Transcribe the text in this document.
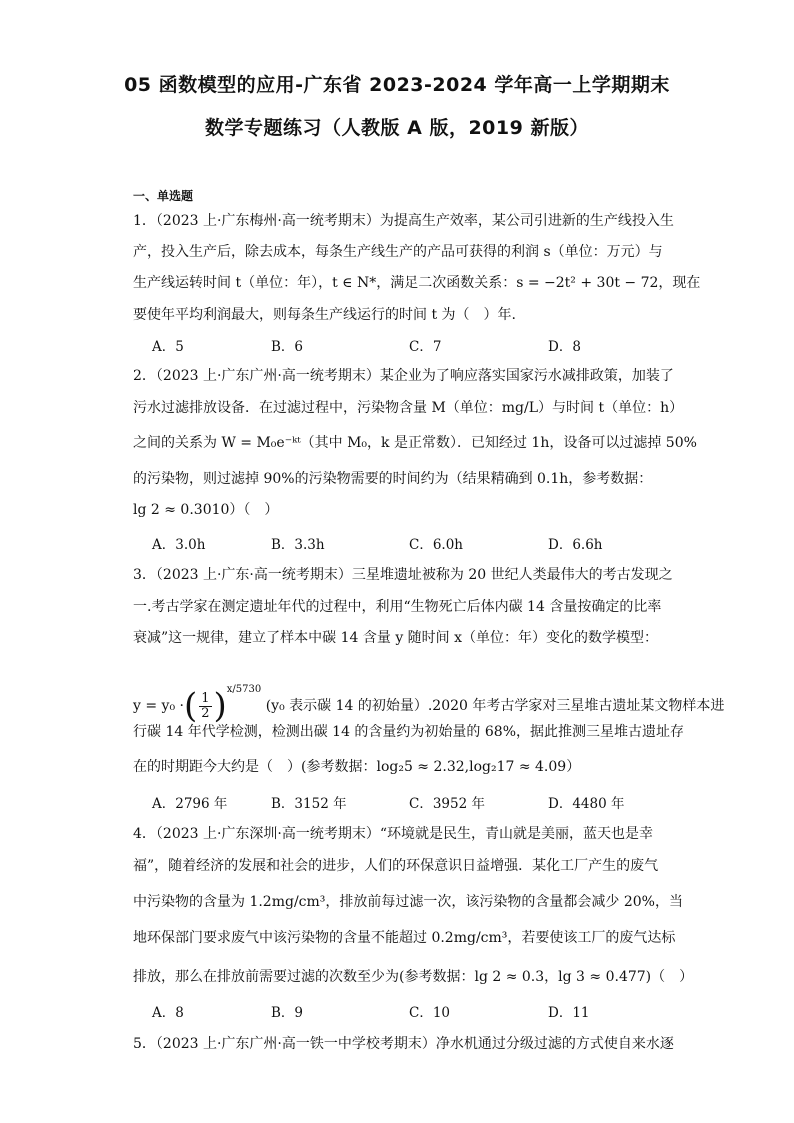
05 函数模型的应用-广东省 2023-2024 学年高一上学期期末
数学专题练习（人教版 A 版，2019 新版）
一、单选题
1．（2023 上·广东梅州·高一统考期末）为提高生产效率，某公司引进新的生产线投入生
产，投入生产后，除去成本，每条生产线生产的产品可获得的利润 s（单位：万元）与
生产线运转时间 t（单位：年），t ∈ N*，满足二次函数关系：s = −2t² + 30t − 72，现在
要使年平均利润最大，则每条生产线运行的时间 t 为（　）年.
A．5	B．6	C．7	D．8
2．（2023 上·广东广州·高一统考期末）某企业为了响应落实国家污水减排政策，加装了
污水过滤排放设备．在过滤过程中，污染物含量 M（单位：mg/L）与时间 t（单位：h）
之间的关系为 W = M₀e⁻ᵏᵗ（其中 M₀，k 是正常数）．已知经过 1h，设备可以过滤掉 50%
的污染物，则过滤掉 90%的污染物需要的时间约为（结果精确到 0.1h，参考数据：
lg 2 ≈ 0.3010）（　）
A．3.0h	B．3.3h	C．6.0h	D．6.6h
3．（2023 上·广东·高一统考期末）三星堆遗址被称为 20 世纪人类最伟大的考古发现之
一.考古学家在测定遗址年代的过程中，利用“生物死亡后体内碳 14 含量按确定的比率
衰减”这一规律，建立了样本中碳 14 含量 y 随时间 x（单位：年）变化的数学模型：
y = y₀ ·( $\frac{1}{2} )^{x/5730}$ (y₀ 表示碳 14 的初始量）.2020 年考古学家对三星堆古遗址某文物样本进
行碳 14 年代学检测，检测出碳 14 的含量约为初始量的 68%，据此推测三星堆古遗址存
在的时期距今大约是（　）(参考数据：log₂5 ≈ 2.32,log₂17 ≈ 4.09）
A．2796 年	B．3152 年	C．3952 年	D．4480 年
4．（2023 上·广东深圳·高一统考期末）“环境就是民生，青山就是美丽，蓝天也是幸
福”，随着经济的发展和社会的进步，人们的环保意识日益增强．某化工厂产生的废气
中污染物的含量为 1.2mg/cm³，排放前每过滤一次，该污染物的含量都会减少 20%，当
地环保部门要求废气中该污染物的含量不能超过 0.2mg/cm³，若要使该工厂的废气达标
排放，那么在排放前需要过滤的次数至少为(参考数据：lg 2 ≈ 0.3，lg 3 ≈ 0.477)（　）
A．8	B．9	C．10	D．11
5．（2023 上·广东广州·高一铁一中学校考期末）净水机通过分级过滤的方式使自来水逐
